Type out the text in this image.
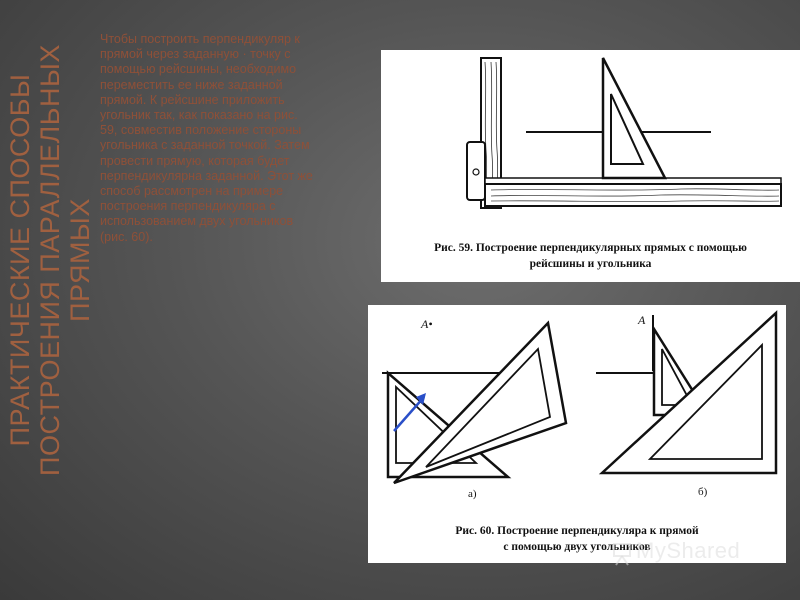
ПРАКТИЧЕСКИЕ СПОСОБЫ ПОСТРОЕНИЯ ПАРАЛЛЕЛЬНЫХ ПРЯМЫХ
Чтобы построить перпендикуляр к прямой через заданную · точку с помощью рейсшины, необходимо переместить ее ниже заданной прямой. К рейсшине приложить угольник так, как показано на рис. 59, совместив положение стороны угольника с заданной точкой. Затем провести прямую, которая будет перпендикулярна заданной. Этот же способ рассмотрен на примере построения перпендикуляра с использованием двух угольников (рис. 60).
Рис. 59. Построение перпендикулярных прямых с помощью
рейсшины и угольника
A•	A
а)	б)
Рис. 60. Построение перпендикуляра к прямой
с помощью двух угольников
MyShared
